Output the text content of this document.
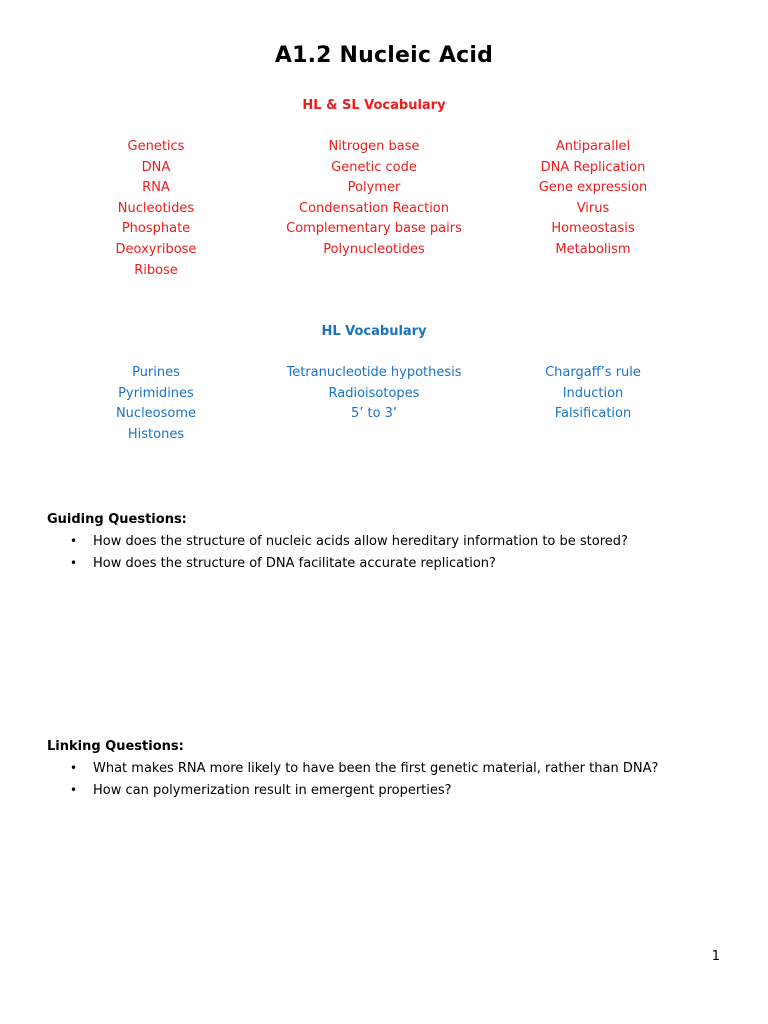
A1.2 Nucleic Acid
HL & SL Vocabulary
Genetics
DNA
RNA
Nucleotides
Phosphate
Deoxyribose
Ribose
Nitrogen base
Genetic code
Polymer
Condensation Reaction
Complementary base pairs
Polynucleotides
Antiparallel
DNA Replication
Gene expression
Virus
Homeostasis
Metabolism
HL Vocabulary
Purines
Pyrimidines
Nucleosome
Histones
Tetranucleotide hypothesis
Radioisotopes
5’ to 3’
Chargaff’s rule
Induction
Falsification
Guiding Questions:
• How does the structure of nucleic acids allow hereditary information to be stored?
• How does the structure of DNA facilitate accurate replication?
Linking Questions:
• What makes RNA more likely to have been the first genetic material, rather than DNA?
• How can polymerization result in emergent properties?
1
